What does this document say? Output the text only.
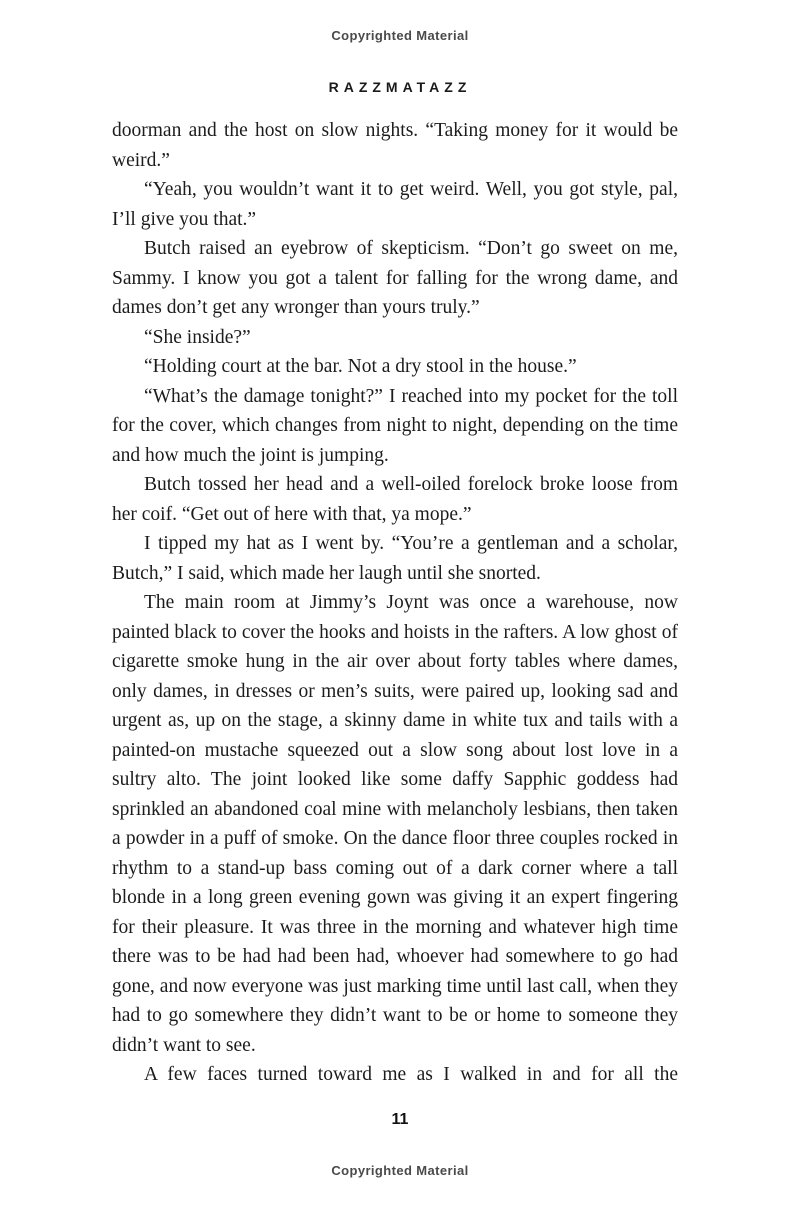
Copyrighted Material
RAZZMATAZZ

doorman and the host on slow nights. “Taking money for it would be weird.”

“Yeah, you wouldn’t want it to get weird. Well, you got style, pal, I’ll give you that.”

Butch raised an eyebrow of skepticism. “Don’t go sweet on me, Sammy. I know you got a talent for falling for the wrong dame, and dames don’t get any wronger than yours truly.”

“She inside?”

“Holding court at the bar. Not a dry stool in the house.”

“What’s the damage tonight?” I reached into my pocket for the toll for the cover, which changes from night to night, depending on the time and how much the joint is jumping.

Butch tossed her head and a well-oiled forelock broke loose from her coif. “Get out of here with that, ya mope.”

I tipped my hat as I went by. “You’re a gentleman and a scholar, Butch,” I said, which made her laugh until she snorted.

The main room at Jimmy’s Joynt was once a warehouse, now painted black to cover the hooks and hoists in the rafters. A low ghost of cigarette smoke hung in the air over about forty tables where dames, only dames, in dresses or men’s suits, were paired up, looking sad and urgent as, up on the stage, a skinny dame in white tux and tails with a painted-on mustache squeezed out a slow song about lost love in a sultry alto. The joint looked like some daffy Sapphic goddess had sprinkled an abandoned coal mine with melancholy lesbians, then taken a powder in a puff of smoke. On the dance floor three couples rocked in rhythm to a stand-up bass coming out of a dark corner where a tall blonde in a long green evening gown was giving it an expert fingering for their pleasure. It was three in the morning and whatever high time there was to be had had been had, whoever had somewhere to go had gone, and now everyone was just marking time until last call, when they had to go somewhere they didn’t want to be or home to someone they didn’t want to see.

A few faces turned toward me as I walked in and for all the

11
Copyrighted Material
